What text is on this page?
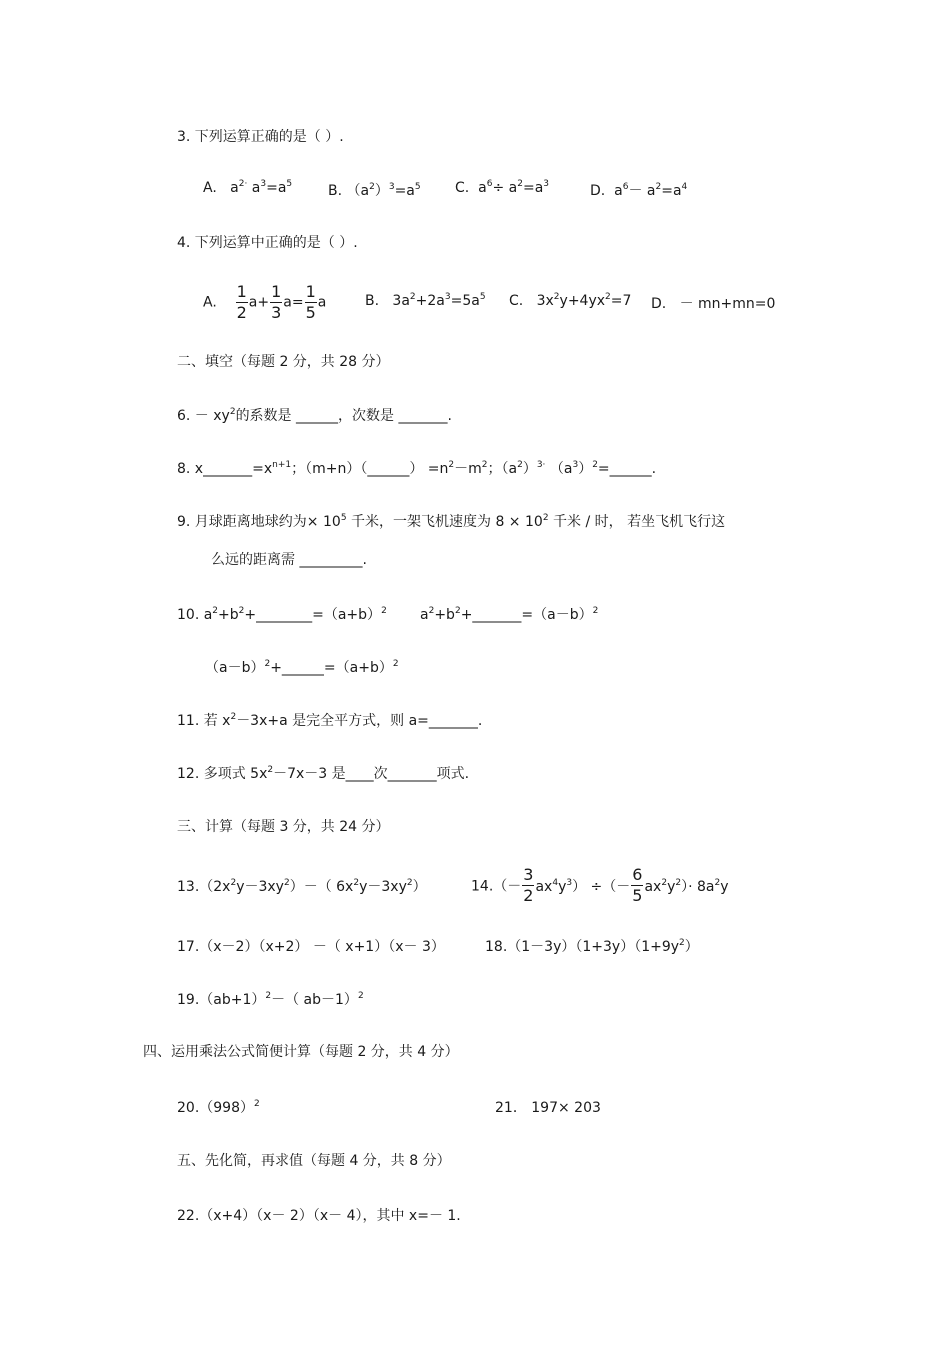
3. 下列运算正确的是（ ）.
A. $a^{2\cdot}$ $a^3=a^5$	B. $(a^2)^3=a^5$ C. $a^6\div a^2=a^3$	D. $a^6- a^2=a^4$
4. 下列运算中正确的是（ ）.
A. $\frac{1}{2} a+ \frac{1}{3} a= \frac{1}{5}$ a	B. $3a^2+2a^3=5a^5$ C. $3x^2y+4yx^2=7$ D. － mn+mn=0
二、填空（每题 2 分，共 28 分）
6. － $xy^2$的系数是 ______，次数是 _______.
8. $x\_\_\_\_\_\_\_=x^{n+1}$；（m+n）（______） $=n^2-m^2$；$(a^2)^{3\cdot}$ $(a^3)^2=\_\_\_\_\_\_$.
9. 月球距离地球约为× $10^5$ 千米，一架飞机速度为 $8 \times 10^2$ 千米 / 时， 若坐飞机飞行这
么远的距离需 _________.
10. $a^2+b^2+\_\_\_\_\_\_\_\_=(a+b)^2$ $a^2+b^2+\_\_\_\_\_\_\_=(a-b)^2$
$(a-b)^2+\_\_\_\_\_\_=(a+b)^2$
11. 若 $x^2-3x+a$ 是完全平方式，则 a=_______.
12. 多项式 $5x^2-7x-3$ 是____次_______项式.
三、计算（每题 3 分，共 24 分）
$13.(2x^2y-3xy^2)-$（ $6x^2y-3xy^2$）	$14.(- \frac{3}{2} ax^4y^3)$ ÷（－ $\frac{6}{5} ax^2y^2)\cdot 8a^2y$
17.（x－2）（x+2） －（ x+1）（x－ 3）	$18.(1-3y)(1+3y)(1+9y^2)$
$19.(ab+1)^2-$（ ab－1）$^2$
四、运用乘法公式简便计算（每题 2 分，共 4 分）
$20.(998)^2$	21． 197× 203
五、先化简，再求值（每题 4 分，共 8 分）
22.（x+4）（x－ 2）（x－ 4），其中 x=－ 1.
